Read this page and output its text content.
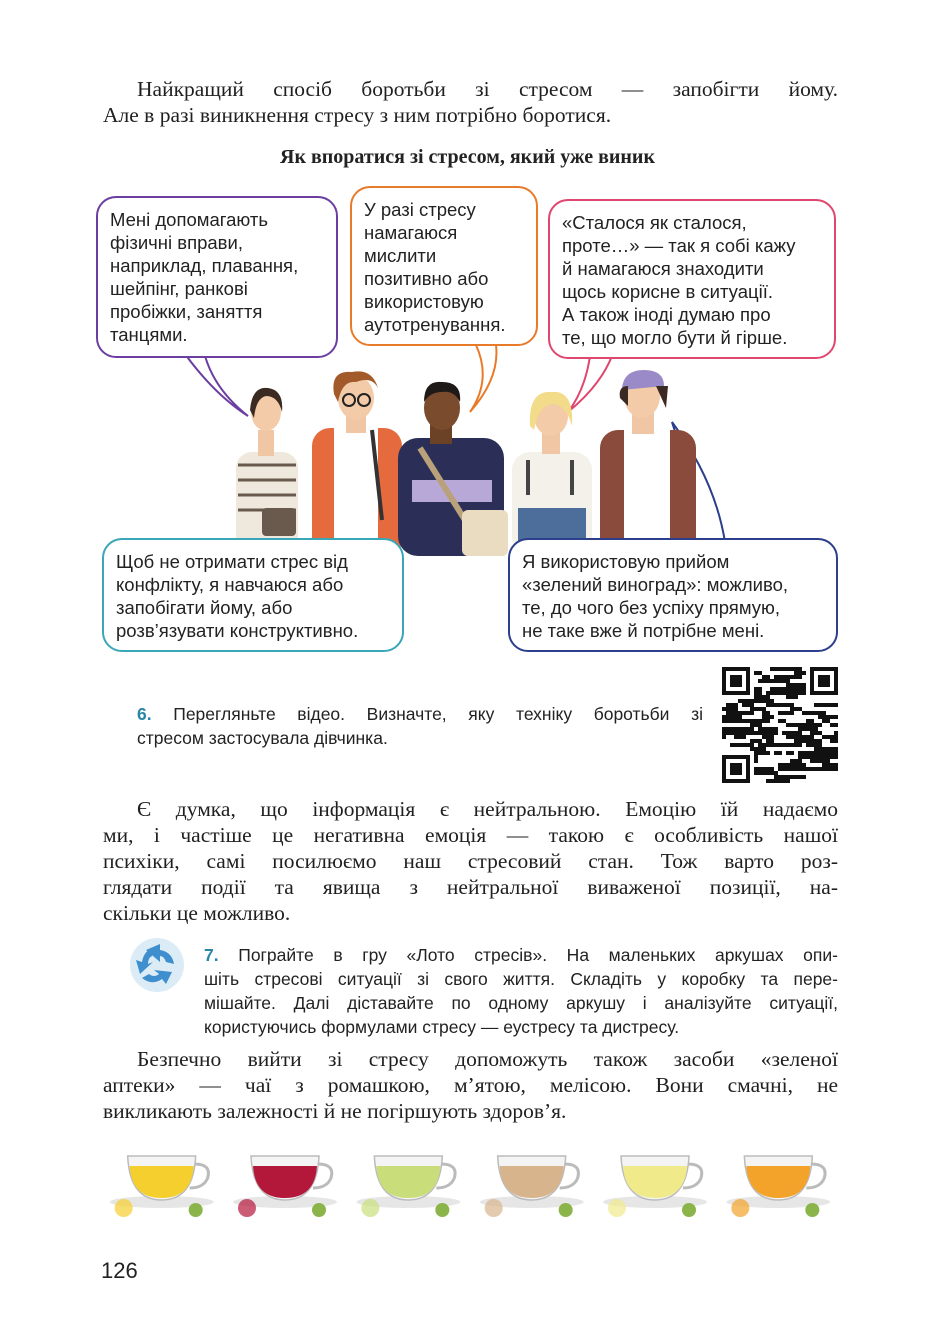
Найкращий спосіб боротьби зі стресом — запобігти йому.
Але в разі виникнення стресу з ним потрібно боротися.
Як впоратися зі стресом, який уже виник
Мені допомагають
фізичні вправи,
наприклад, плавання,
шейпінг, ранкові
пробіжки, заняття
танцями.
У разі стресу
намагаюся
мислити
позитивно або
використовую
аутотренування.
«Сталося як сталося,
проте…» — так я собі кажу
й намагаюся знаходити
щось корисне в ситуації.
А також іноді думаю про
те, що могло бути й гірше.
Щоб не отримати стрес від
конфлікту, я навчаюся або
запобігати йому, або
розв’язувати конструктивно.
Я використовую прийом
«зелений виноград»: можливо,
те, до чого без успіху прямую,
не таке вже й потрібне мені.
6. Перегляньте відео. Визначте, яку техніку боротьби зі
стресом застосувала дівчинка.
Є думка, що інформація є нейтральною. Емоцію їй надаємо
ми, і частіше це негативна емоція — такою є особливість нашої
психіки, самі посилюємо наш стресовий стан. Тож варто роз-
глядати події та явища з нейтральної виваженої позиції, на-
скільки це можливо.
7. Пограйте в гру «Лото стресів». На маленьких аркушах опи-
шіть стресові ситуації зі свого життя. Складіть у коробку та пере-
мішайте. Далі діставайте по одному аркушу і аналізуйте ситуації,
користуючись формулами стресу — еустресу та дистресу.
Безпечно вийти зі стресу допоможуть також засоби «зеленої
аптеки» — чаї з ромашкою, м’ятою, мелісою. Вони смачні, не
викликають залежності й не погіршують здоров’я.
126
